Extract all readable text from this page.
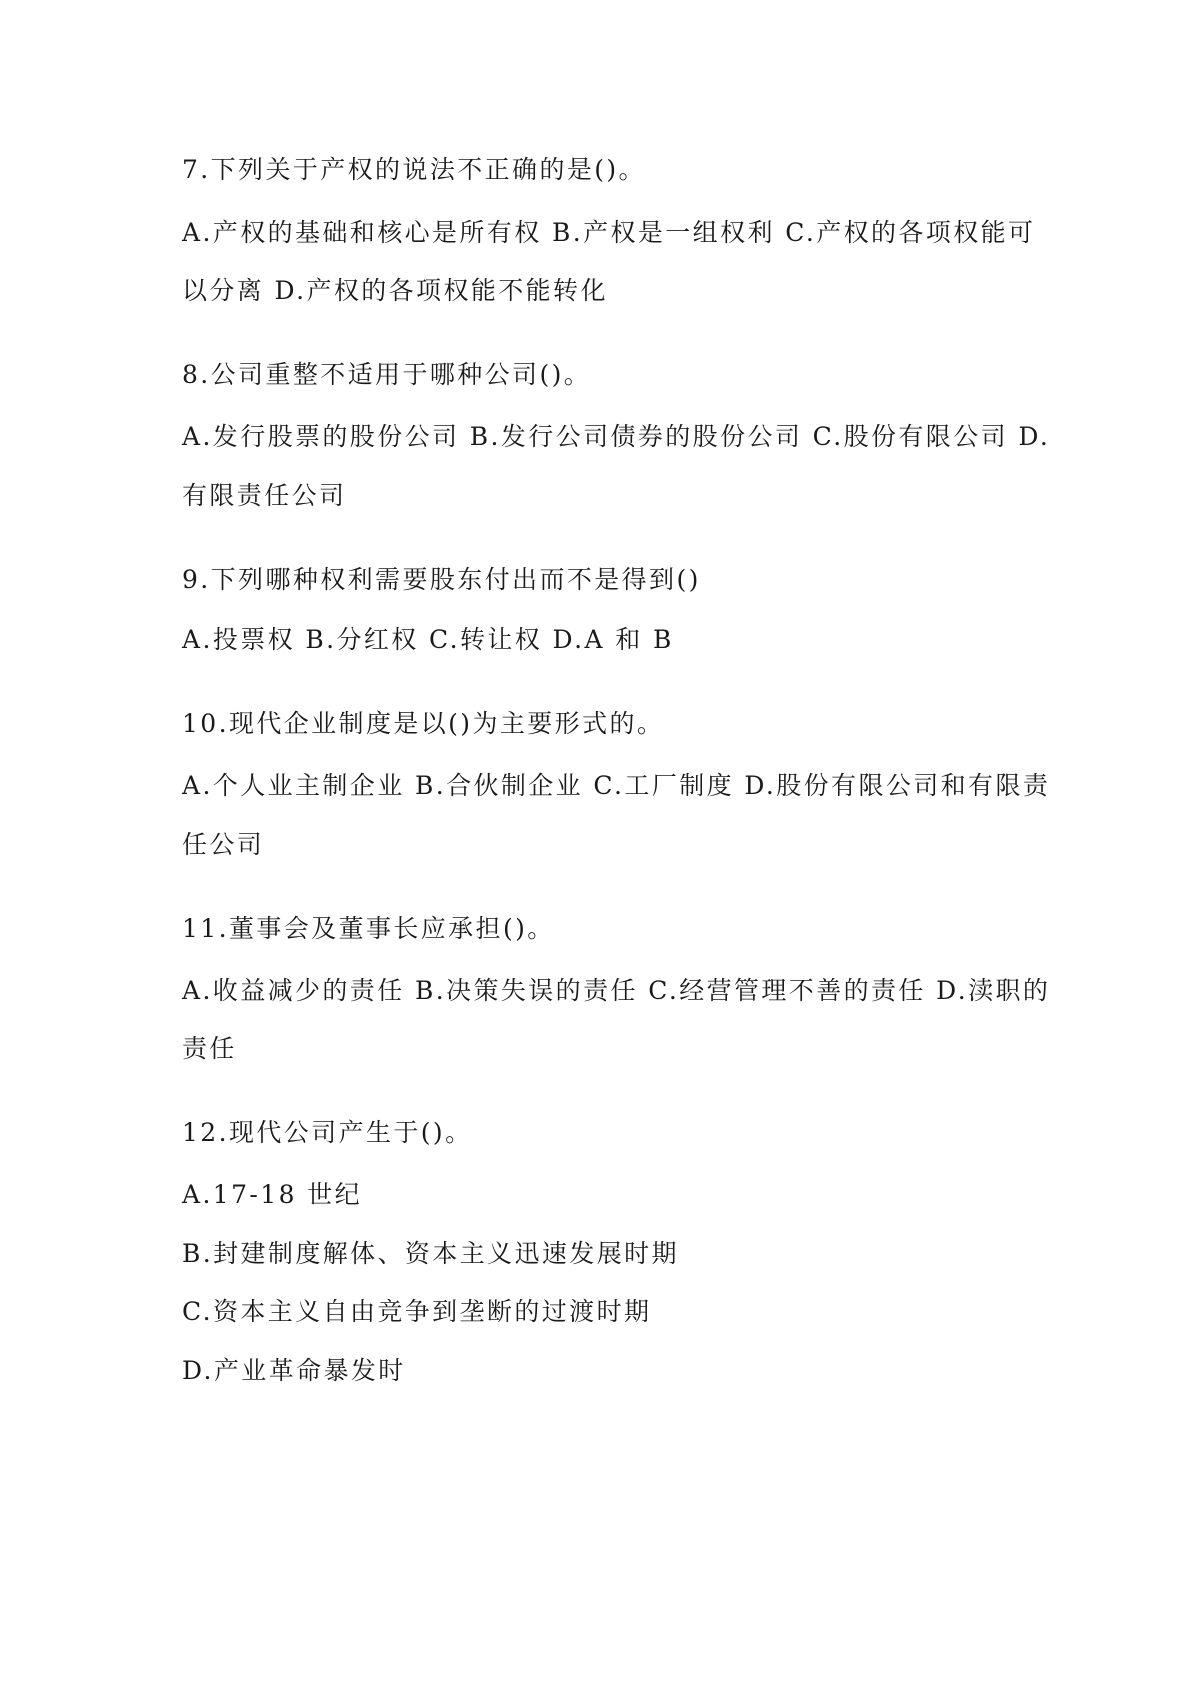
7.下列关于产权的说法不正确的是()。

A.产权的基础和核心是所有权 B.产权是一组权利 C.产权的各项权能可

以分离 D.产权的各项权能不能转化

8.公司重整不适用于哪种公司()。

A.发行股票的股份公司 B.发行公司债券的股份公司 C.股份有限公司 D.

有限责任公司

9.下列哪种权利需要股东付出而不是得到()

A.投票权 B.分红权 C.转让权 D.A 和 B

10.现代企业制度是以()为主要形式的。

A.个人业主制企业 B.合伙制企业 C.工厂制度 D.股份有限公司和有限责

任公司

11.董事会及董事长应承担()。

A.收益减少的责任 B.决策失误的责任 C.经营管理不善的责任 D.渎职的

责任

12.现代公司产生于()。

A.17-18 世纪

B.封建制度解体、资本主义迅速发展时期

C.资本主义自由竞争到垄断的过渡时期

D.产业革命暴发时
